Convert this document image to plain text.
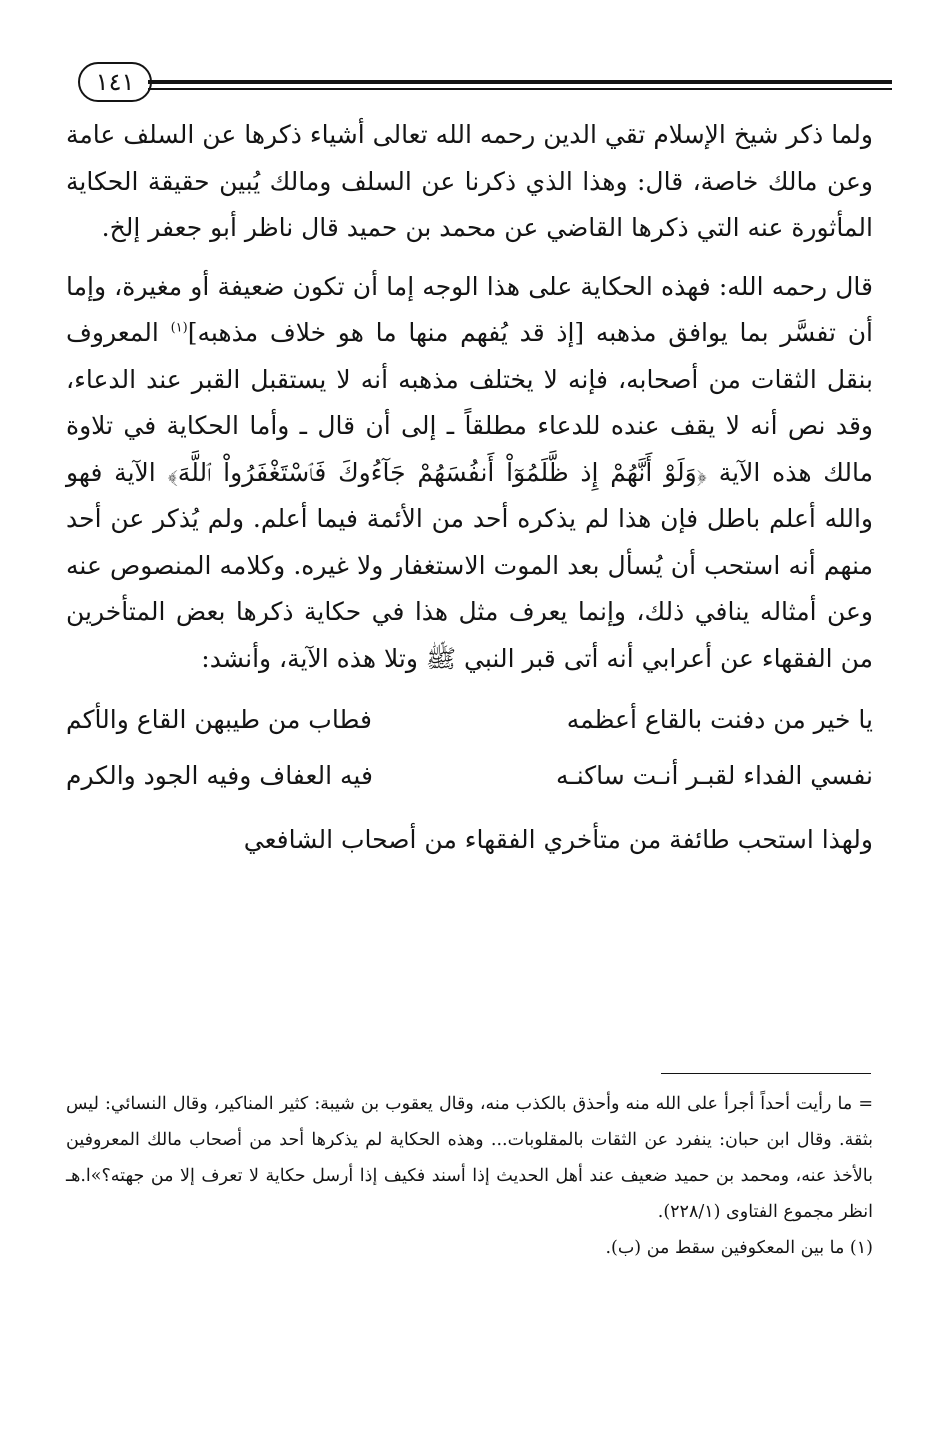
١٤١

ولما ذكر شيخ الإسلام تقي الدين رحمه الله تعالى أشياء ذكرها عن السلف عامة وعن مالك خاصة، قال: وهذا الذي ذكرنا عن السلف ومالك يُبين حقيقة الحكاية المأثورة عنه التي ذكرها القاضي عن محمد بن حميد قال ناظر أبو جعفر إلخ.

قال رحمه الله: فهذه الحكاية على هذا الوجه إما أن تكون ضعيفة أو مغيرة، وإما أن تفسَّر بما يوافق مذهبه [إذ قد يُفهم منها ما هو خلاف مذهبه]$^{(١)}$ المعروف بنقل الثقات من أصحابه، فإنه لا يختلف مذهبه أنه لا يستقبل القبر عند الدعاء، وقد نص أنه لا يقف عنده للدعاء مطلقاً ـ إلى أن قال ـ وأما الحكاية في تلاوة مالك هذه الآية ﴿وَلَوْ أَنَّهُمْ إِذ ظَّلَمُوٓاْ أَنفُسَهُمْ جَآءُوكَ فَٱسْتَغْفَرُواْ ٱللَّهَ﴾ الآية فهو والله أعلم باطل فإن هذا لم يذكره أحد من الأئمة فيما أعلم. ولم يُذكر عن أحد منهم أنه استحب أن يُسأل بعد الموت الاستغفار ولا غيره. وكلامه المنصوص عنه وعن أمثاله ينافي ذلك، وإنما يعرف مثل هذا في حكاية ذكرها بعض المتأخرين من الفقهاء عن أعرابي أنه أتى قبر النبي ﷺ وتلا هذه الآية، وأنشد:

يا خير من دفنت بالقاع أعظمه
فطاب من طيبهن القاع والأكم
نفسي الفداء لقبـر أنـت ساكنـه
فيه العفاف وفيه الجود والكرم
ولهذا استحب طائفة من متأخري الفقهاء من أصحاب الشافعي

= ما رأيت أحداً أجرأ على الله منه وأحذق بالكذب منه، وقال يعقوب بن شيبة: كثير المناكير، وقال النسائي: ليس بثقة. وقال ابن حبان: ينفرد عن الثقات بالمقلوبات... وهذه الحكاية لم يذكرها أحد من أصحاب مالك المعروفين بالأخذ عنه، ومحمد بن حميد ضعيف عند أهل الحديث إذا أسند فكيف إذا أرسل حكاية لا تعرف إلا من جهته؟»ا.هـ انظر مجموع الفتاوى (٢٢٨/١).

(١) ما بين المعكوفين سقط من (ب).
